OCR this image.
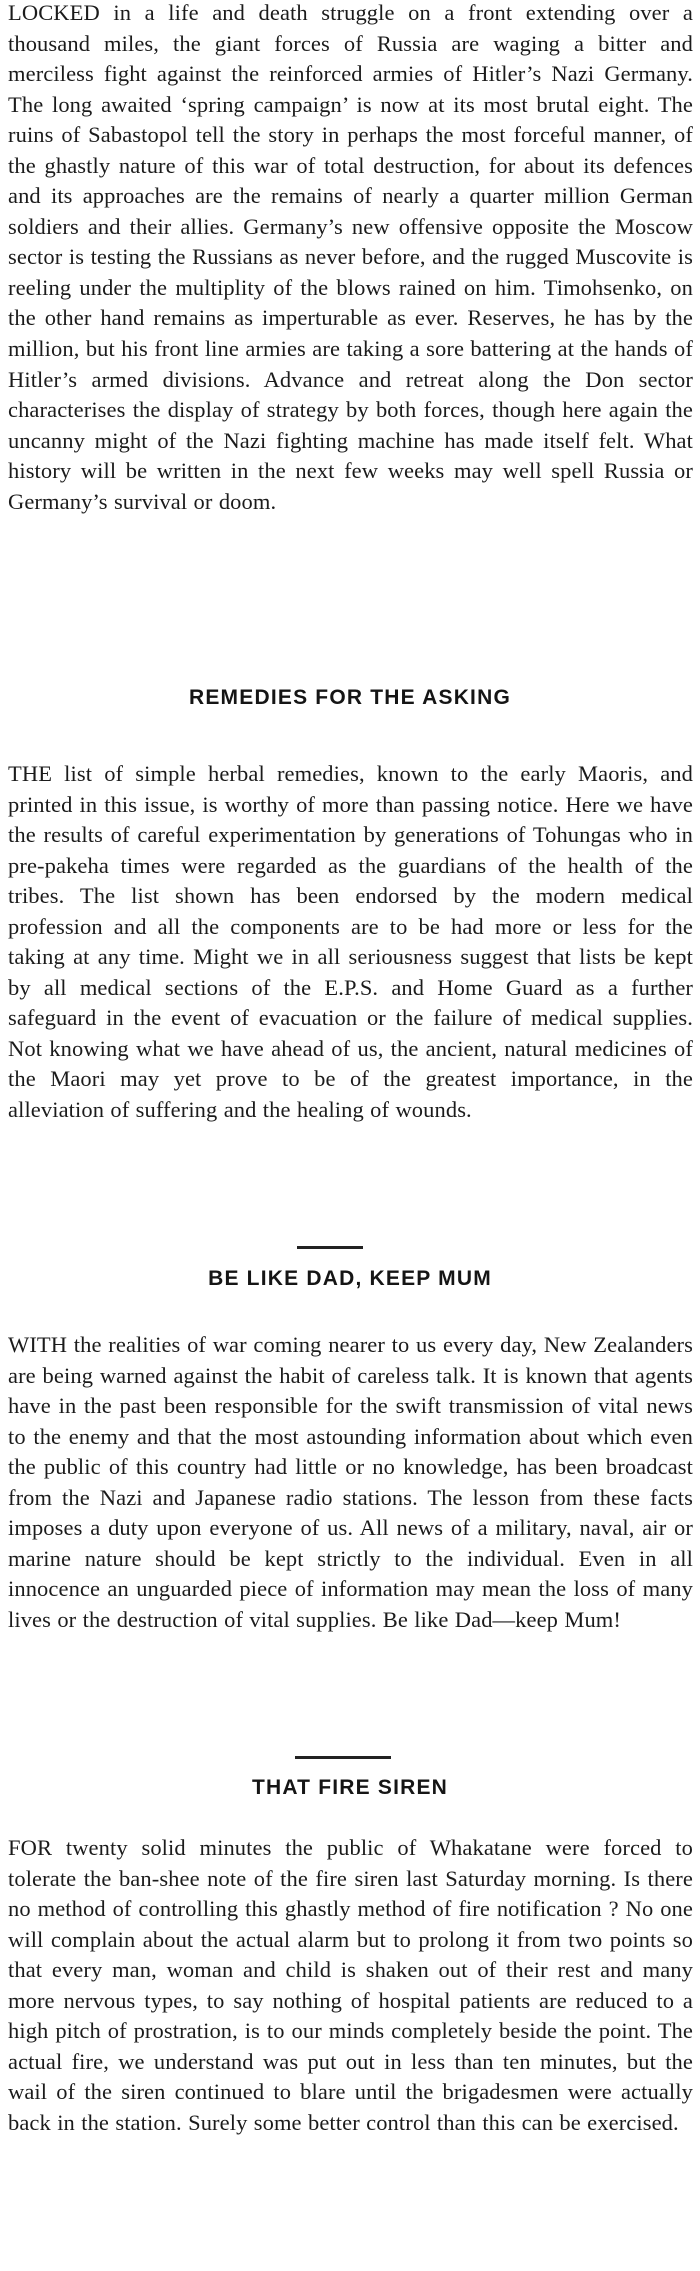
LOCKED in a life and death struggle on a front extending over a thousand miles, the giant forces of Russia are waging a bitter and merciless fight against the reinforced armies of Hitler’s Nazi Germany. The long awaited ‘spring campaign’ is now at its most brutal eight. The ruins of Sabastopol tell the story in perhaps the most forceful manner, of the ghastly nature of this war of total destruction, for about its defences and its approaches are the remains of nearly a quarter million German soldiers and their allies. Germany’s new offensive opposite the Moscow sector is testing the Russians as never before, and the rugged Muscovite is reeling under the multiplity of the blows rained on him. Timohsenko, on the other hand remains as imperturable as ever. Reserves, he has by the million, but his front line armies are taking a sore battering at the hands of Hitler’s armed divisions. Advance and retreat along the Don sector characterises the display of strategy by both forces, though here again the uncanny might of the Nazi fighting machine has made itself felt. What history will be written in the next few weeks may well spell Russia or Germany’s survival or doom.

REMEDIES FOR THE ASKING

THE list of simple herbal remedies, known to the early Maoris, and printed in this issue, is worthy of more than passing notice. Here we have the results of careful experimentation by generations of Tohungas who in pre-pakeha times were regarded as the guardians of the health of the tribes. The list shown has been endorsed by the modern medical profession and all the components are to be had more or less for the taking at any time. Might we in all seriousness suggest that lists be kept by all medical sections of the E.P.S. and Home Guard as a further safeguard in the event of evacuation or the failure of medical supplies. Not knowing what we have ahead of us, the ancient, natural medicines of the Maori may yet prove to be of the greatest importance, in the alleviation of suffering and the healing of wounds.

BE LIKE DAD, KEEP MUM

WITH the realities of war coming nearer to us every day, New Zealanders are being warned against the habit of careless talk. It is known that agents have in the past been responsible for the swift transmission of vital news to the enemy and that the most astounding information about which even the public of this country had little or no knowledge, has been broadcast from the Nazi and Japanese radio stations. The lesson from these facts imposes a duty upon everyone of us. All news of a military, naval, air or marine nature should be kept strictly to the individual. Even in all innocence an unguarded piece of information may mean the loss of many lives or the destruction of vital supplies. Be like Dad—keep Mum!

THAT FIRE SIREN

FOR twenty solid minutes the public of Whakatane were forced to tolerate the ban-shee note of the fire siren last Saturday morning. Is there no method of controlling this ghastly method of fire notification ? No one will complain about the actual alarm but to prolong it from two points so that every man, woman and child is shaken out of their rest and many more nervous types, to say nothing of hospital patients are reduced to a high pitch of prostration, is to our minds completely beside the point. The actual fire, we understand was put out in less than ten minutes, but the wail of the siren continued to blare until the brigadesmen were actually back in the station. Surely some better control than this can be exercised.
